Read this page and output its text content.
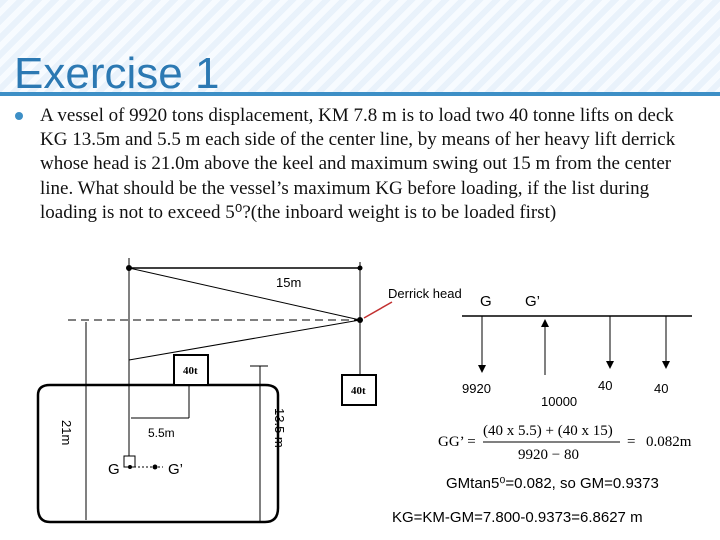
Exercise 1
A vessel of 9920 tons displacement, KM 7.8 m is to load two 40 tonne lifts on deck KG 13.5m and 5.5 m each side of the center line, by means of her heavy lift derrick whose head is 21.0m above the keel and maximum swing out 15 m from the center line. What should be the vessel’s maximum KG before loading, if the list during loading is not to exceed 5⁰?(the inboard weight is to be loaded first)
15m
Derrick head
40t
40t
21m	13.5 m
5.5m
G	G’
G G’
9920
10000
40	40
GG’ =
(40 x 5.5) + (40 x 15)
9920 − 80
= 0.082m
GMtan5⁰=0.082, so GM=0.9373
KG=KM-GM=7.800-0.9373=6.8627 m
